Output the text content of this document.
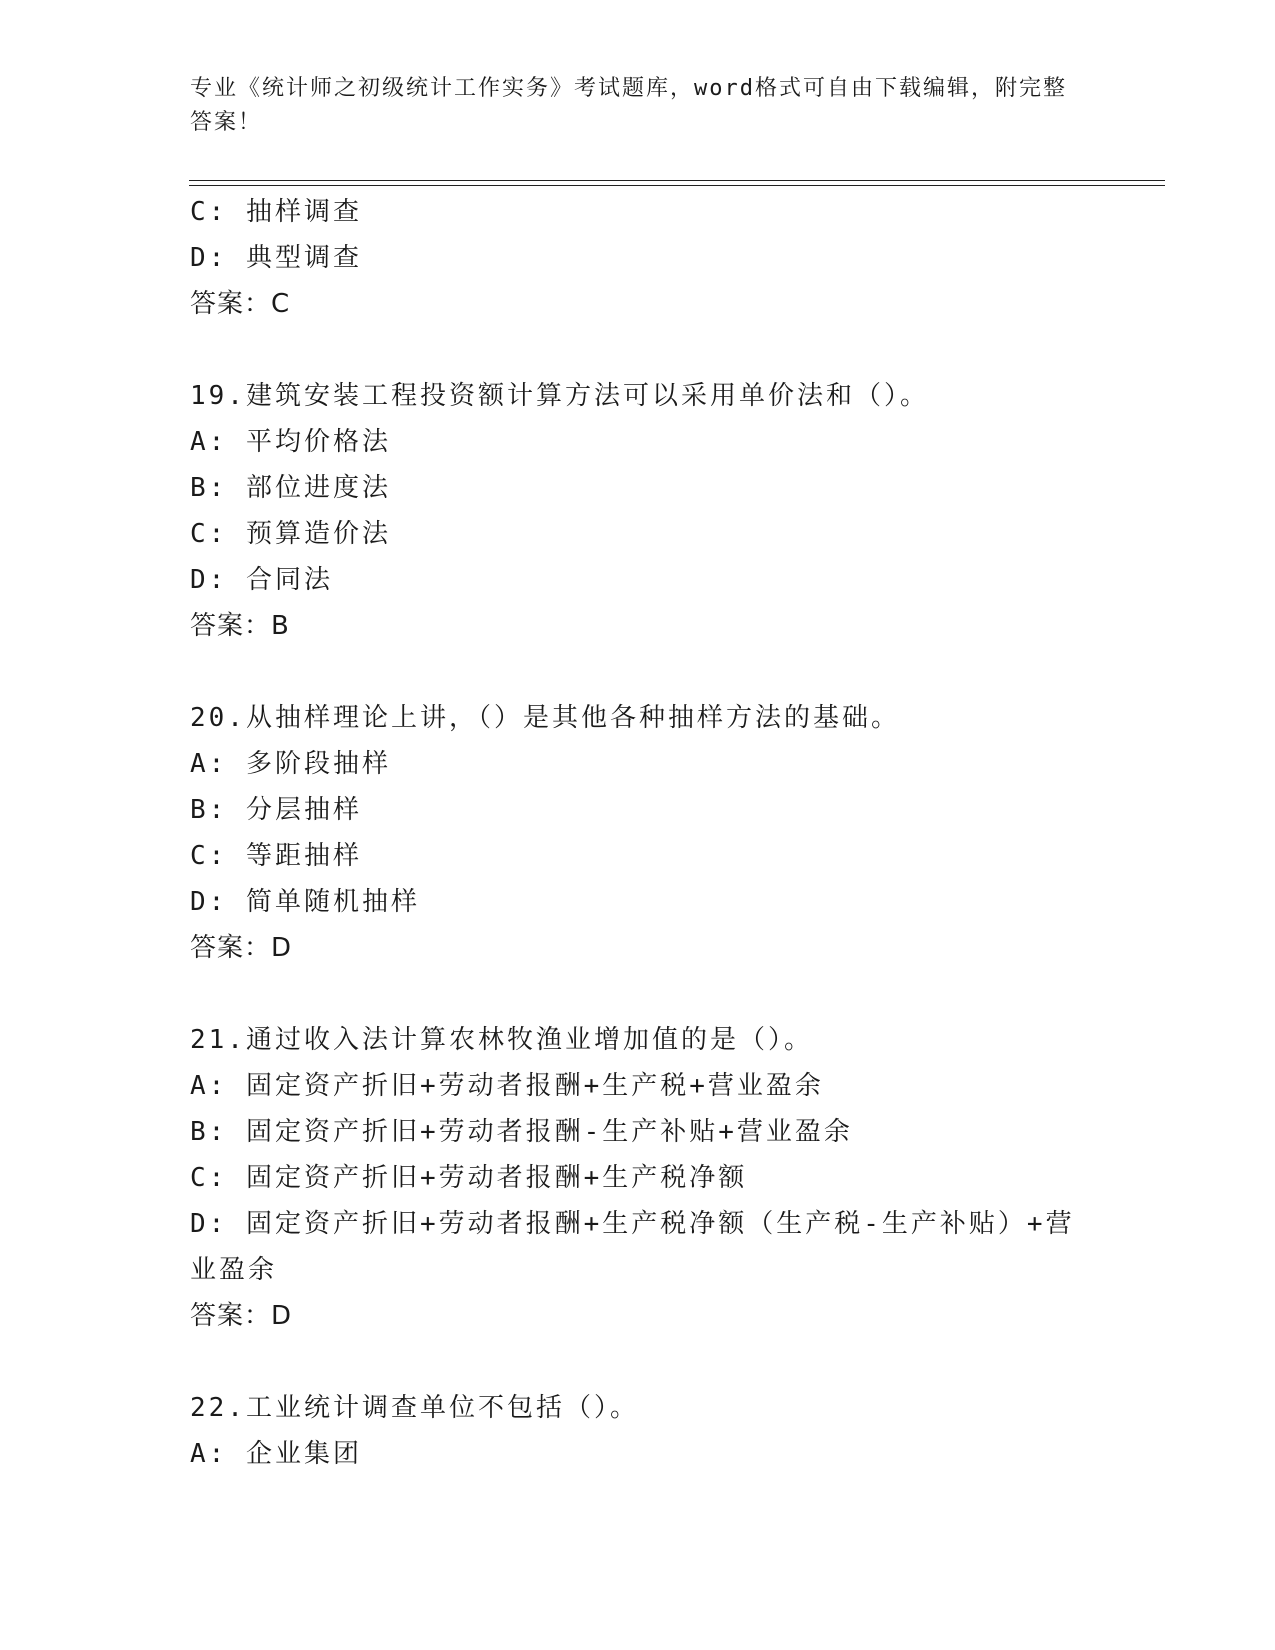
专业《统计师之初级统计工作实务》考试题库，word格式可自由下载编辑，附完整答案！
C: 抽样调查
D: 典型调查
答案：C
19.建筑安装工程投资额计算方法可以采用单价法和（）。
A: 平均价格法
B: 部位进度法
C: 预算造价法
D: 合同法
答案：B
20.从抽样理论上讲，（）是其他各种抽样方法的基础。
A: 多阶段抽样
B: 分层抽样
C: 等距抽样
D: 简单随机抽样
答案：D
21.通过收入法计算农林牧渔业增加值的是（）。
A: 固定资产折旧+劳动者报酬+生产税+营业盈余
B: 固定资产折旧+劳动者报酬-生产补贴+营业盈余
C: 固定资产折旧+劳动者报酬+生产税净额
D: 固定资产折旧+劳动者报酬+生产税净额（生产税-生产补贴）+营业盈余
答案：D
22.工业统计调查单位不包括（）。
A: 企业集团
